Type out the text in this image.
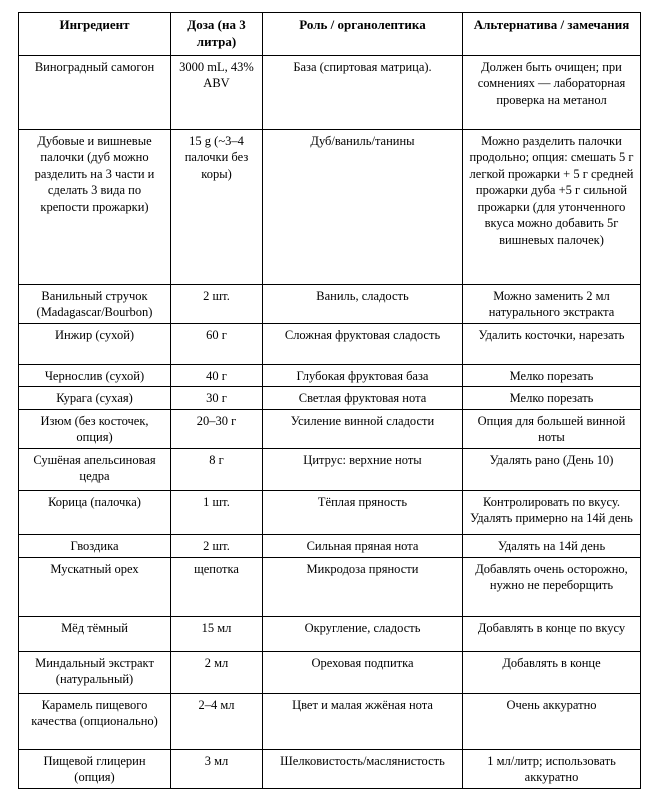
Ингредиент	Доза (на 3 литра)	Роль / органолептика	Альтернатива / замечания
Виноградный самогон	3000 mL, 43% ABV	База (спиртовая матрица).	Должен быть очищен; при сомнениях — лабораторная проверка на метанол
Дубовые и вишневые палочки (дуб можно разделить на 3 части и сделать 3 вида по крепости прожарки)	15 g (~3–4 палочки без коры)	Дуб/ваниль/танины	Можно разделить палочки продольно; опция: смешать 5 г легкой прожарки + 5 г средней прожарки дуба +5 г сильной прожарки (для утонченного вкуса можно добавить 5г вишневых палочек)
Ванильный стручок (Madagascar/Bourbon)	2 шт.	Ваниль, сладость	Можно заменить 2 мл натурального экстракта
Инжир (сухой)	60 г	Сложная фруктовая сладость	Удалить косточки, нарезать
Чернослив (сухой)	40 г	Глубокая фруктовая база	Мелко порезать
Курага (сухая)	30 г	Светлая фруктовая нота	Мелко порезать
Изюм (без косточек, опция)	20–30 г	Усиление винной сладости	Опция для большей винной ноты
Сушёная апельсиновая цедра	8 г	Цитрус: верхние ноты	Удалять рано (День 10)
Корица (палочка)	1 шт.	Тёплая пряность	Контролировать по вкусу. Удалять примерно на 14й день
Гвоздика	2 шт.	Сильная пряная нота	Удалять на 14й день
Мускатный орех	щепотка	Микродоза пряности	Добавлять очень осторожно, нужно не переборщить
Мёд тёмный	15 мл	Округление, сладость	Добавлять в конце по вкусу
Миндальный экстракт (натуральный)	2 мл	Ореховая подпитка	Добавлять в конце
Карамель пищевого качества (опционально)	2–4 мл	Цвет и малая жжёная нота	Очень аккуратно
Пищевой глицерин (опция)	3 мл	Шелковистость/маслянистость	1 мл/литр; использовать аккуратно
